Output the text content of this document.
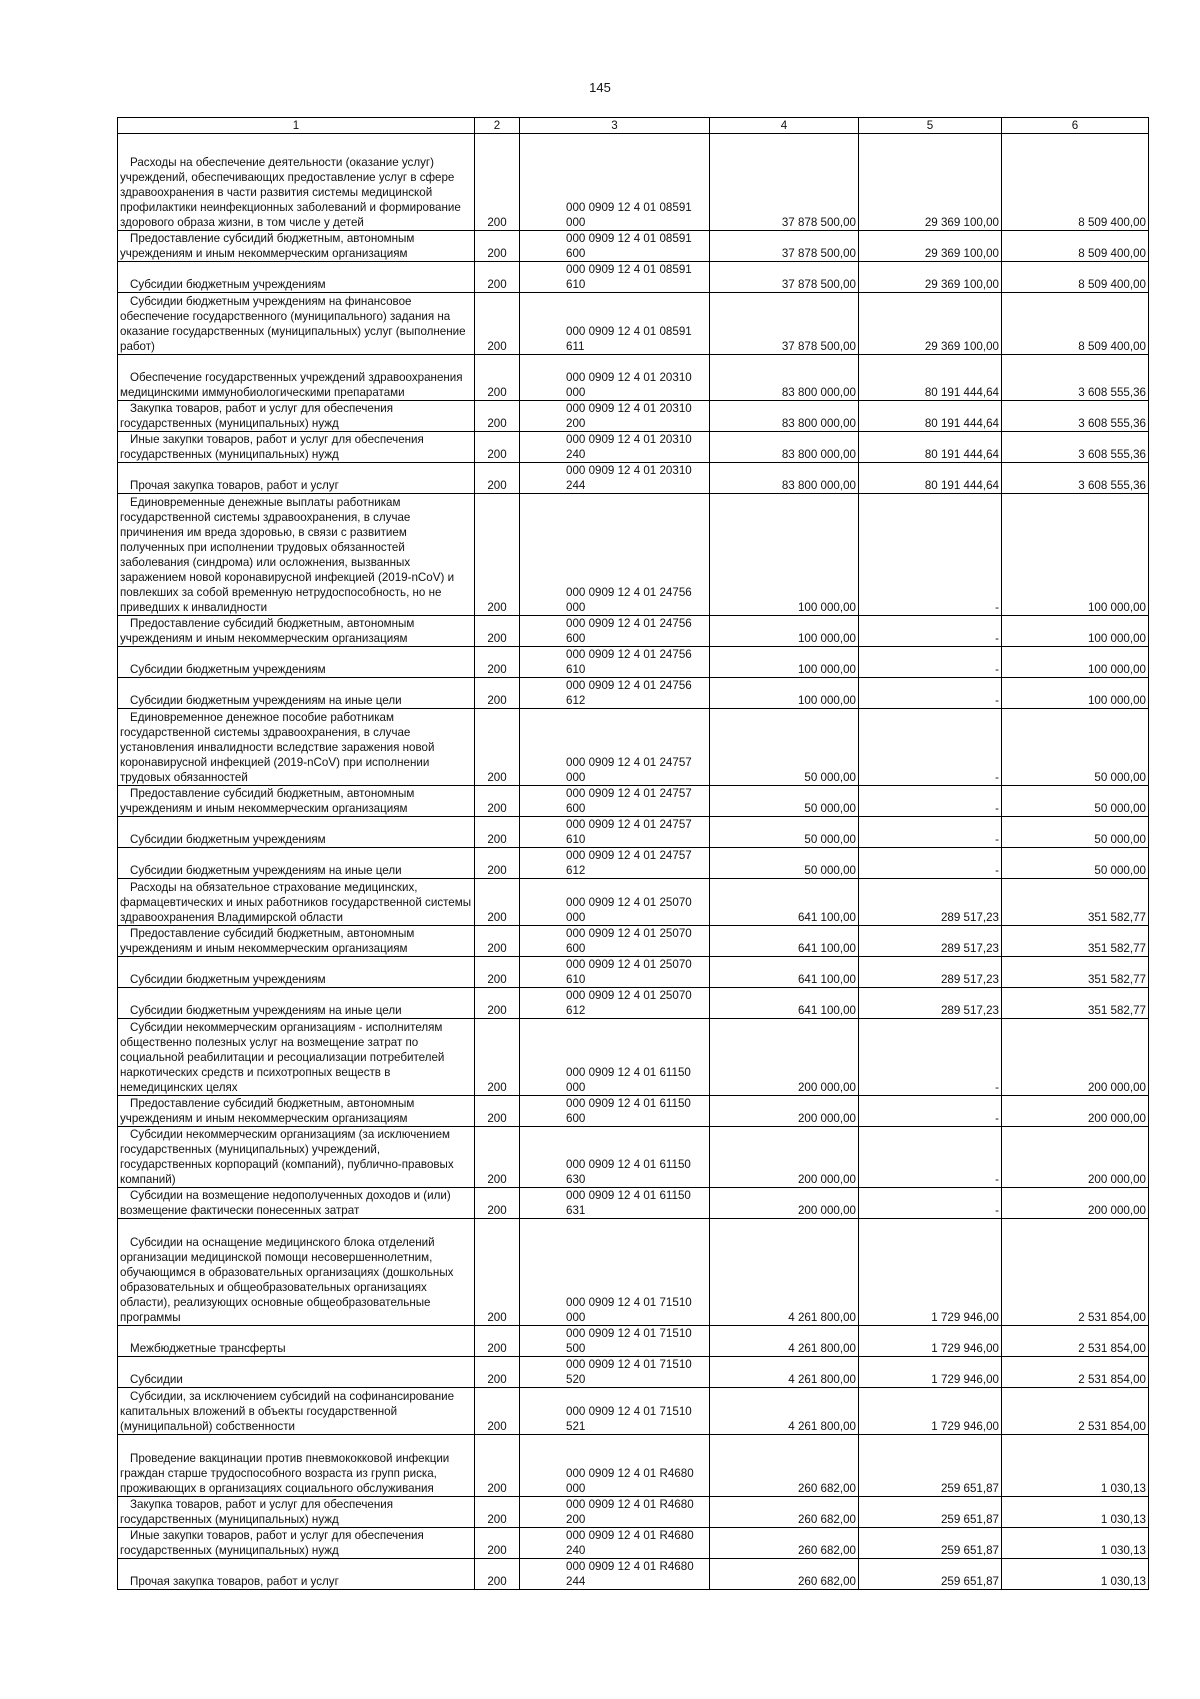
145
1	2	3	4	5	6

Расходы на обеспечение деятельности (оказание услуг) учреждений, обеспечивающих предоставление услуг в сфере здравоохранения в части развития системы медицинской профилактики неинфекционных заболеваний и формирование здорового образа жизни, в том числе у детей	200	000 0909 12 4 01 08591 000	37 878 500,00	29 369 100,00	8 509 400,00

Предоставление субсидий бюджетным, автономным учреждениям и иным некоммерческим организациям	200	000 0909 12 4 01 08591 600	37 878 500,00	29 369 100,00	8 509 400,00

Субсидии бюджетным учреждениям	200	000 0909 12 4 01 08591 610	37 878 500,00	29 369 100,00	8 509 400,00

Субсидии бюджетным учреждениям на финансовое обеспечение государственного (муниципального) задания на оказание государственных (муниципальных) услуг (выполнение работ)	200	000 0909 12 4 01 08591 611	37 878 500,00	29 369 100,00	8 509 400,00

Обеспечение государственных учреждений здравоохранения медицинскими иммунобиологическими препаратами	200	000 0909 12 4 01 20310 000	83 800 000,00	80 191 444,64	3 608 555,36

Закупка товаров, работ и услуг для обеспечения государственных (муниципальных) нужд	200	000 0909 12 4 01 20310 200	83 800 000,00	80 191 444,64	3 608 555,36

Иные закупки товаров, работ и услуг для обеспечения государственных (муниципальных) нужд	200	000 0909 12 4 01 20310 240	83 800 000,00	80 191 444,64	3 608 555,36

Прочая закупка товаров, работ и услуг	200	000 0909 12 4 01 20310 244	83 800 000,00	80 191 444,64	3 608 555,36

Единовременные денежные выплаты работникам государственной системы здравоохранения, в случае причинения им вреда здоровью, в связи с развитием полученных при исполнении трудовых обязанностей заболевания (синдрома) или осложнения, вызванных заражением новой коронавирусной инфекцией (2019-nCoV) и повлекших за собой временную нетрудоспособность, но не приведших к инвалидности	200	000 0909 12 4 01 24756 000	100 000,00	-	100 000,00

Предоставление субсидий бюджетным, автономным учреждениям и иным некоммерческим организациям	200	000 0909 12 4 01 24756 600	100 000,00	-	100 000,00

Субсидии бюджетным учреждениям	200	000 0909 12 4 01 24756 610	100 000,00	-	100 000,00

Субсидии бюджетным учреждениям на иные цели	200	000 0909 12 4 01 24756 612	100 000,00	-	100 000,00

Единовременное денежное пособие работникам государственной системы здравоохранения, в случае установления инвалидности вследствие заражения новой коронавирусной инфекцией (2019-nCoV) при исполнении трудовых обязанностей	200	000 0909 12 4 01 24757 000	50 000,00	-	50 000,00

Предоставление субсидий бюджетным, автономным учреждениям и иным некоммерческим организациям	200	000 0909 12 4 01 24757 600	50 000,00	-	50 000,00

Субсидии бюджетным учреждениям	200	000 0909 12 4 01 24757 610	50 000,00	-	50 000,00

Субсидии бюджетным учреждениям на иные цели	200	000 0909 12 4 01 24757 612	50 000,00	-	50 000,00

Расходы на обязательное страхование медицинских, фармацевтических и иных работников государственной системы здравоохранения Владимирской области	200	000 0909 12 4 01 25070 000	641 100,00	289 517,23	351 582,77

Предоставление субсидий бюджетным, автономным учреждениям и иным некоммерческим организациям	200	000 0909 12 4 01 25070 600	641 100,00	289 517,23	351 582,77

Субсидии бюджетным учреждениям	200	000 0909 12 4 01 25070 610	641 100,00	289 517,23	351 582,77

Субсидии бюджетным учреждениям на иные цели	200	000 0909 12 4 01 25070 612	641 100,00	289 517,23	351 582,77

Субсидии некоммерческим организациям - исполнителям общественно полезных услуг на возмещение затрат по социальной реабилитации и ресоциализации потребителей наркотических средств и психотропных веществ в немедицинских целях	200	000 0909 12 4 01 61150 000	200 000,00	-	200 000,00

Предоставление субсидий бюджетным, автономным учреждениям и иным некоммерческим организациям	200	000 0909 12 4 01 61150 600	200 000,00	-	200 000,00

Субсидии некоммерческим организациям (за исключением государственных (муниципальных) учреждений, государственных корпораций (компаний), публично-правовых компаний)	200	000 0909 12 4 01 61150 630	200 000,00	-	200 000,00

Субсидии на возмещение недополученных доходов и (или) возмещение фактически понесенных затрат	200	000 0909 12 4 01 61150 631	200 000,00	-	200 000,00

Субсидии на оснащение медицинского блока отделений организации медицинской помощи несовершеннолетним, обучающимся в образовательных организациях (дошкольных образовательных и общеобразовательных организациях области), реализующих основные общеобразовательные программы	200	000 0909 12 4 01 71510 000	4 261 800,00	1 729 946,00	2 531 854,00

Межбюджетные трансферты	200	000 0909 12 4 01 71510 500	4 261 800,00	1 729 946,00	2 531 854,00

Субсидии	200	000 0909 12 4 01 71510 520	4 261 800,00	1 729 946,00	2 531 854,00

Субсидии, за исключением субсидий на софинансирование капитальных вложений в объекты государственной (муниципальной) собственности	200	000 0909 12 4 01 71510 521	4 261 800,00	1 729 946,00	2 531 854,00

Проведение вакцинации против пневмококковой инфекции граждан старше трудоспособного возраста из групп риска, проживающих в организациях социального обслуживания	200	000 0909 12 4 01 R4680 000	260 682,00	259 651,87	1 030,13

Закупка товаров, работ и услуг для обеспечения государственных (муниципальных) нужд	200	000 0909 12 4 01 R4680 200	260 682,00	259 651,87	1 030,13

Иные закупки товаров, работ и услуг для обеспечения государственных (муниципальных) нужд	200	000 0909 12 4 01 R4680 240	260 682,00	259 651,87	1 030,13

Прочая закупка товаров, работ и услуг	200	000 0909 12 4 01 R4680 244	260 682,00	259 651,87	1 030,13
